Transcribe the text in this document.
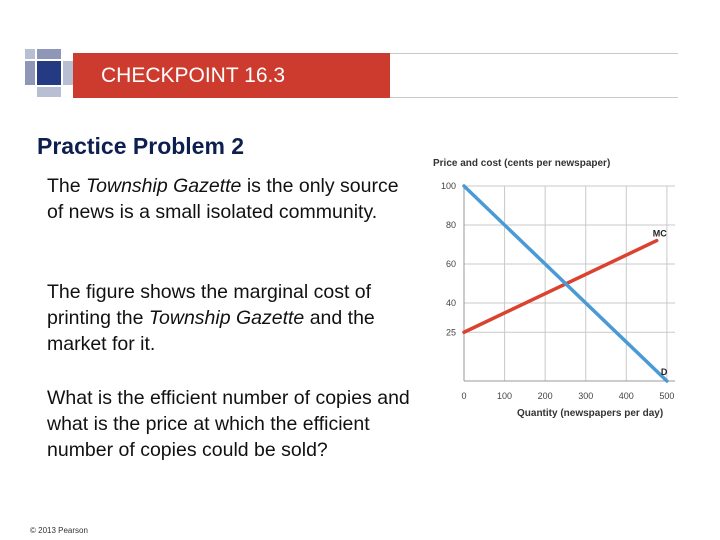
CHECKPOINT 16.3
Practice Problem 2
The Township Gazette is the only source of news is a small isolated community.
The figure shows the marginal cost of printing the Township Gazette and the market for it.
What is the efficient number of copies and what is the price at which the efficient number of copies could be sold?
Price and cost (cents per newspaper)
0	100	200	300	400	500
25
40
60
80
100
MC
D
Quantity (newspapers per day)
© 2013 Pearson
